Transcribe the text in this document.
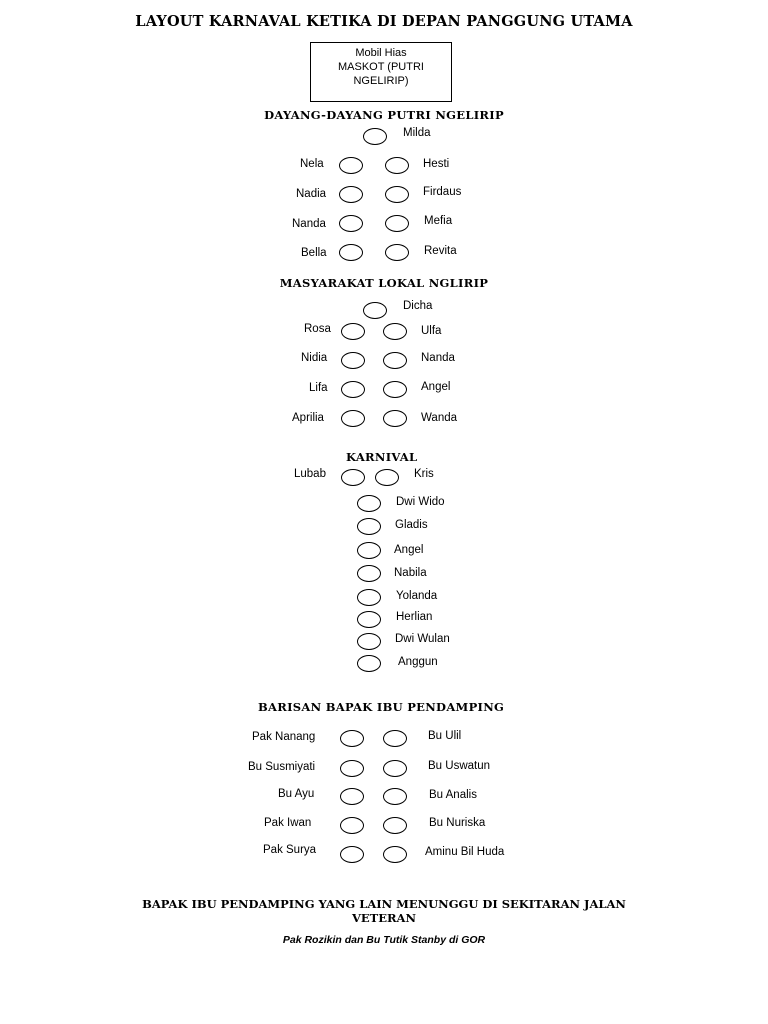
LAYOUT KARNAVAL KETIKA DI DEPAN PANGGUNG UTAMA
Mobil Hias
MASKOT (PUTRI
NGELIRIP)
DAYANG-DAYANG PUTRI NGELIRIP
Milda
Nela	Hesti
Nadia	Firdaus
Nanda	Mefia
Bella	Revita
MASYARAKAT LOKAL NGLIRIP
Dicha
Rosa	Ulfa
Nidia	Nanda
Lifa	Angel
Aprilia	Wanda
KARNIVAL
Lubab	Kris
Dwi Wido
Gladis
Angel
Nabila
Yolanda
Herlian
Dwi Wulan
Anggun
BARISAN BAPAK IBU PENDAMPING
Pak Nanang	Bu Ulil
Bu Susmiyati	Bu Uswatun
Bu Ayu	Bu Analis
Pak Iwan	Bu Nuriska
Pak Surya	Aminu Bil Huda
BAPAK IBU PENDAMPING YANG LAIN MENUNGGU DI SEKITARAN JALAN
VETERAN
Pak Rozikin dan Bu Tutik Stanby di GOR
